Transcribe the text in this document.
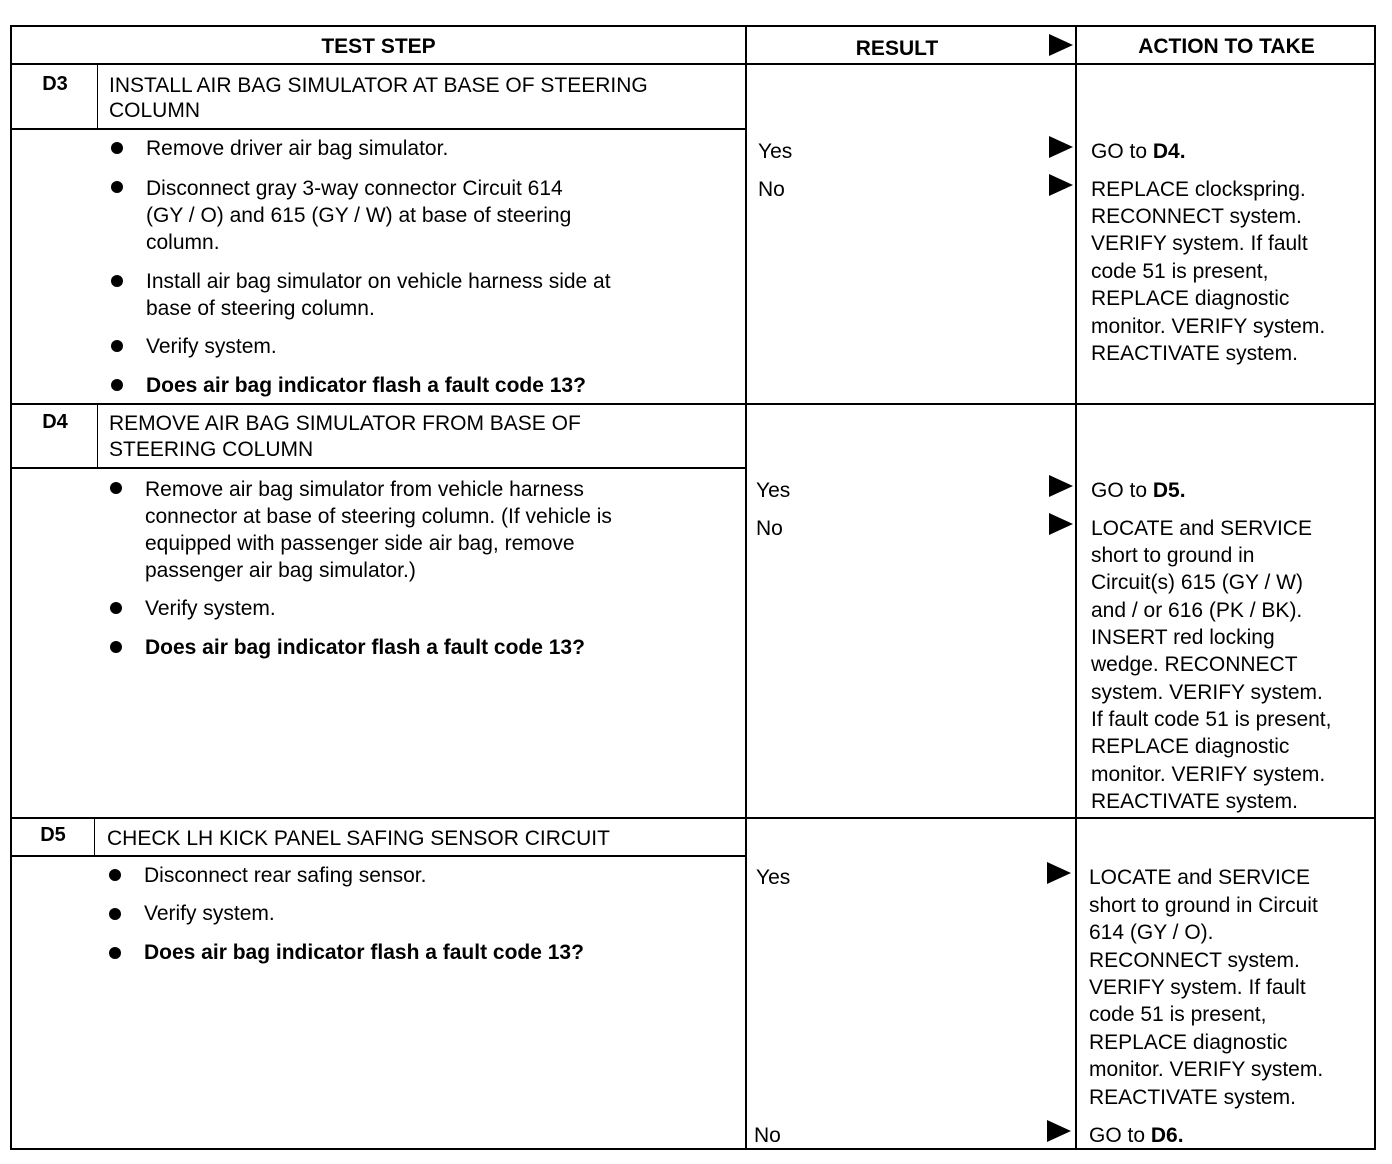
TEST STEP	RESULT	ACTION TO TAKE
D3	INSTALL AIR BAG SIMULATOR AT BASE OF STEERING
COLUMN
Remove driver air bag simulator.
Disconnect gray 3-way connector Circuit 614
(GY / O) and 615 (GY / W) at base of steering
column.
Install air bag simulator on vehicle harness side at
base of steering column.
Verify system.
Does air bag indicator flash a fault code 13?
Yes	GO to D4.
No	REPLACE clockspring.
RECONNECT system.
VERIFY system. If fault
code 51 is present,
REPLACE diagnostic
monitor. VERIFY system.
REACTIVATE system.
D4	REMOVE AIR BAG SIMULATOR FROM BASE OF
STEERING COLUMN
Remove air bag simulator from vehicle harness
connector at base of steering column. (If vehicle is
equipped with passenger side air bag, remove
passenger air bag simulator.)
Verify system.
Does air bag indicator flash a fault code 13?
Yes	GO to D5.
No	LOCATE and SERVICE
short to ground in
Circuit(s) 615 (GY / W)
and / or 616 (PK / BK).
INSERT red locking
wedge. RECONNECT
system. VERIFY system.
If fault code 51 is present,
REPLACE diagnostic
monitor. VERIFY system.
REACTIVATE system.
D5	CHECK LH KICK PANEL SAFING SENSOR CIRCUIT
Disconnect rear safing sensor.
Verify system.
Does air bag indicator flash a fault code 13?
Yes	LOCATE and SERVICE
short to ground in Circuit
614 (GY / O).
RECONNECT system.
VERIFY system. If fault
code 51 is present,
REPLACE diagnostic
monitor. VERIFY system.
REACTIVATE system.
No	GO to D6.
